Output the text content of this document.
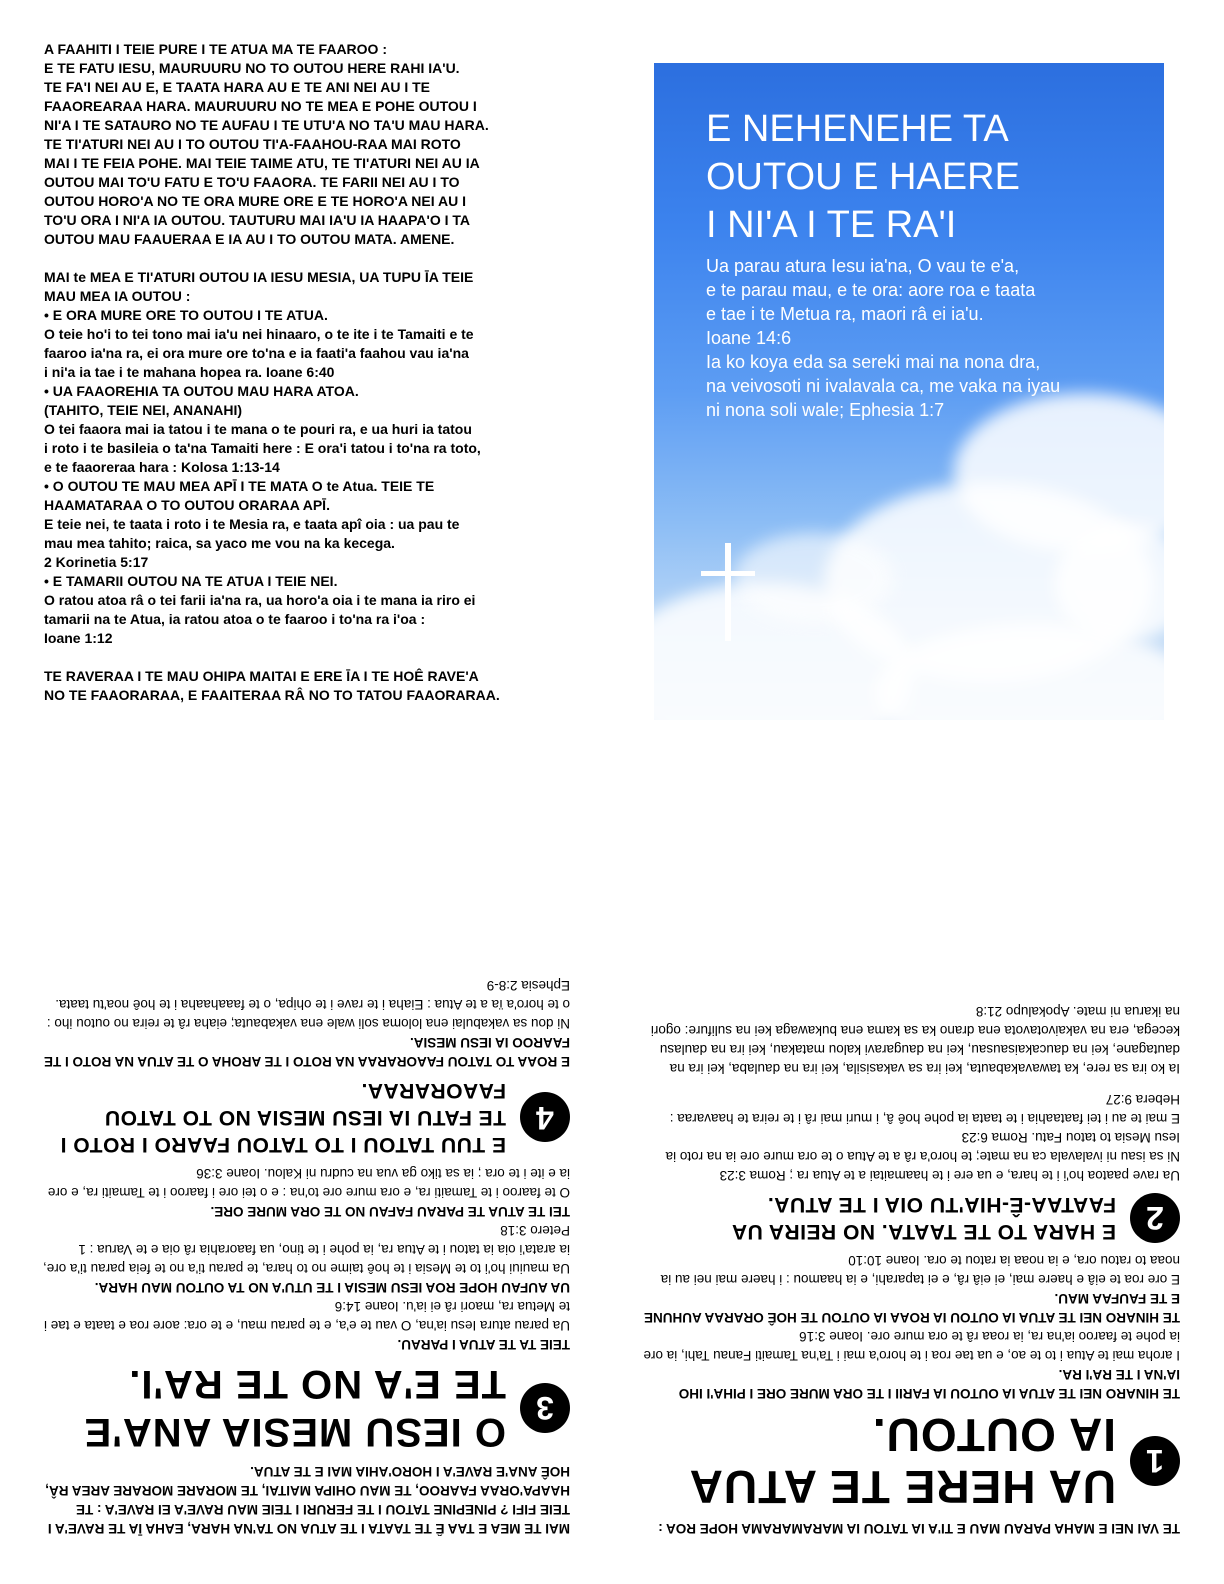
A FAAHITI I TEIE PURE I TE ATUA MA TE FAAROO :

E TE FATU IESU, MAURUURU NO TO OUTOU HERE RAHI IA'U.

TE FA'I NEI AU E, E TAATA HARA AU E TE ANI NEI AU I TE

FAAOREARAA HARA. MAURUURU NO TE MEA E POHE OUTOU I

NI'A I TE SATAURO NO TE AUFAU I TE UTU'A NO TA'U MAU HARA.

TE TI'ATURI NEI AU I TO OUTOU TI'A-FAAHOU-RAA MAI ROTO

MAI I TE FEIA POHE. MAI TEIE TAIME ATU, TE TI'ATURI NEI AU IA

OUTOU MAI TO'U FATU E TO'U FAAORA. TE FARII NEI AU I TO

OUTOU HORO'A NO TE ORA MURE ORE E TE HORO'A NEI AU I

TO'U ORA I NI'A IA OUTOU. TAUTURU MAI IA'U IA HAAPA'O I TA

OUTOU MAU FAAUERAA E IA AU I TO OUTOU MATA. AMENE.

MAI te MEA E TI'ATURI OUTOU IA IESU MESIA, UA TUPU ĪA TEIE

MAU MEA IA OUTOU :

• E ORA MURE ORE TO OUTOU I TE ATUA.

O teie ho'i to tei tono mai ia'u nei hinaaro, o te ite i te Tamaiti e te

faaroo ia'na ra, ei ora mure ore to'na e ia faati'a faahou vau ia'na

i ni'a ia tae i te mahana hopea ra. Ioane 6:40

• UA FAAOREHIA TA OUTOU MAU HARA ATOA.

(TAHITO, TEIE NEI, ANANAHI)

O tei faaora mai ia tatou i te mana o te pouri ra, e ua huri ia tatou

i roto i te basileia o ta'na Tamaiti here : E ora'i tatou i to'na ra toto,

e te faaoreraa hara : Kolosa 1:13-14

• O OUTOU TE MAU MEA APĪ I TE MATA O te Atua. TEIE TE

HAAMATARAA O TO OUTOU ORARAA APĪ.

E teie nei, te taata i roto i te Mesia ra, e taata apî oia : ua pau te

mau mea tahito; raica, sa yaco me vou na ka kecega.

2 Korinetia 5:17

• E TAMARII OUTOU NA TE ATUA I TEIE NEI.

O ratou atoa râ o tei farii ia'na ra, ua horo'a oia i te mana ia riro ei

tamarii na te Atua, ia ratou atoa o te faaroo i to'na ra i'oa :

Ioane 1:12

TE RAVERAA I TE MAU OHIPA MAITAI E ERE ĪA I TE HOÊ RAVE'A

NO TE FAAORARAA, E FAAITERAA RÂ NO TO TATOU FAAORARAA.

E NEHENEHE TA
OUTOU E HAERE
I NI'A I TE RA'I
Ua parau atura Iesu ia'na, O vau te e'a,
e te parau mau, e te ora: aore roa e taata
e tae i te Metua ra, maori râ ei ia'u.
Ioane 14:6
Ia ko koya eda sa sereki mai na nona dra,
na veivosoti ni ivalavala ca, me vaka na iyau
ni nona soli wale; Ephesia 1:7

TE VAI NEI E MAHA PARAU MAU E TI'A IA TATOU IA MARAMARAMA HOPE ROA :

1
UA HERE TE ATUA
IA OUTOU.

TE HINARO NEI TE ATUA IA OUTOU IA FARII I TE ORA MURE ORE I PIHA'I IHO IA'NA I TE RA'I RA.

I aroha mai te Atua i to te ao, e ua tae roa i te horo'a mai i Ta'na Tamaiti Fanau Tahi, ia ore ia pohe te faaroo ia'na ra, ia roaa râ te ora mure ore. Ioane 3:16

TE HINARO NEI TE ATUA IA OUTOU IA ROAA IA OUTOU TE HOÊ ORARAA AUHUNE E TE FAUFAA MAU.

E ore roa te eiâ e haere mai, ei eiâ râ, e ei taparahi, e ia haamou : i haere mai nei au ia noaa to ratou ora, e ia noaa ia ratou te ora. Ioane 10:10

2
E HARA TO TE TAATA. NO REIRA UA FAATAA-Ê-HIA'TU OIA I TE ATUA.

Ua rave paatoa ho'i i te hara, e ua ere i te haamaitai a te Atua ra ; Roma 3:23

Ni sa isau ni ivalavala ca na mate; te horo'a râ a te Atua o te ora mure ore ia na roto ia Iesu Mesia to tatou Fatu. Roma 6:23

E mai te au i tei faataahia i te taata ia pohe hoê â, i muri mai râ i te reira te haavaraa : Hebera 9:27

Ia ko ira sa rere, ka tawavakabauta, kei ira sa vakasisila, kei ira na daulaba, kei ira na dautagane, kei na daucakaisausau, kei na daugaravi kalou matakau, kei ira na daulasu kecega, era na vakaivotavota ena drano ka sa kama ena bukawaga kei na sulifure: ogori na ikarua ni mate. Apokalupo 21:8

MAI TE MEA E TAA Ê TE TAATA I TE ATUA NO TA'NA HARA, EAHA ĪA TE RAVE'A I TEIE FIFI ? PINEPINE TATOU I TE FERURI I TEIE MAU RAVE'A EI RAVE'A : TE HAAPA'ORAA FAAROO, TE MAU OHIPA MAITAI, TE MORARE MORARE AREA RÂ, HOÊ ANA'E RAVE'A I HORO'AHIA MAI E TE ATUA.

3
O IESU MESIA ANA'E
TE E'A NO TE RA'I.

TEIE TA TE ATUA I PARAU.

Ua parau atura Iesu ia'na, O vau te e'a, e te parau mau, e te ora: aore roa e taata e tae i te Metua ra, maori râ ei ia'u. Ioane 14:6

UA AUFAU HOPE ROA IESU MESIA I TE UTU'A NO TA OUTOU MAU HARA.

Ua mauiui ho'i to te Mesia i te hoê taime no to hara, te parau ti'a no te feia parau ti'a ore, ia arata'i oia ia tatou i te Atua ra, ia pohe i te tino, ua faaorahia râ oia e te Varua : 1 Petero 3:18

TEI TE ATUA TE PARAU FAFAU NO TE ORA MURE ORE.

O te faaroo i te Tamaiti ra, e ora mure ore to'na : e o tei ore i faaroo i te Tamaiti ra, e ore ia e ite i te ora ; ia sa tiko ga vua na cudru ni Kalou. Ioane 3:36

4
E TUU TATOU I TO TATOU FAARO I ROTO I TE FATU IA IESU MESIA NO TO TATOU FAAORARAA.

E ROAA TO TATOU FAAORARAA NA ROTO I TE AROHA O TE ATUA NA ROTO I TE FAAROO IA IESU MESIA.

Ni dou sa vakabulai ena loloma soli wale ena vakabauta; eiaha râ te reira no outou iho : o te horo'a ïa a te Atua : Eiaha i te rave i te ohipa, o te faaahaaha i te hoê noa'tu taata. Ephesia 2:8-9
